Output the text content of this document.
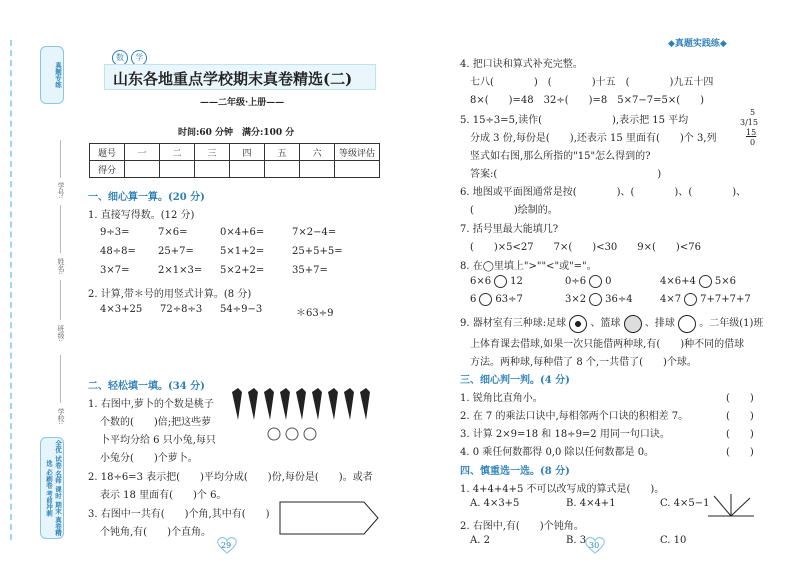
真题专练
全优 试卷 名师 课时 期末 真卷精选 必刷卷 考前冲刺
学号:
姓名:
班级:
学校:
数 学
山东各地重点学校期末真卷精选(二)
——二年级·上册——
时间:60 分钟　满分:100 分
题号	一	二	三	四	五	六	等级评估
得分							
一、细心算一算。(20 分)
1. 直接写得数。(12 分)
9÷3=	7×6=	0×4+6=	7×2−4=
48÷8= 25+7=	5×1+2=	25+5+5=
3×7=	2×1×3= 5×2+2=	35+7=
2. 计算,带＊号的用竖式计算。(8 分)
4×3+25 72÷8÷3 54÷9−3	＊63÷9
二、轻松填一填。(34 分)
1. 右图中,萝卜的个数是桃子
个数的(　　)倍;把这些萝
卜平均分给 6 只小兔,每只
小兔分(　　)个萝卜。
2. 18÷6=3 表示把(　　)平均分成(　　)份,每份是(　　)。或者
表示 18 里面有(　　)个 6。
3. 右图中一共有(　　)个角,其中有(　　)
个钝角,有(　　)个直角。
29
◆真题实践练◆
4. 把口诀和算式补充完整。
七八(　　　　)　(　　　　)十五　(　　　　)九五十四
8×(　　)=48　32÷(　　)=8　5×7−7=5×(　　)
5. 15÷3=5,读作(　　　　　　　),表示把 15 平均
分成 3 份,每份是(　　),还表示 15 里面有(　　)个 3,列
竖式如右图,那么所指的"15"怎么得到的?
答案:(　　　　　　　　　　　　　　　　)
5
3/15
15
0
6. 地图或平面图通常是按(　　　　)、(　　　　)、(　　　　)、
(　　　　)绘制的。
7. 括号里最大能填几?
(　　)×5<27　　7×(　　)<30　　9×(　　)<76
8. 在◯里填上">""<"或"="。
6×6 12	0÷6 0	4×6+4 5×6
6 63÷7	3×2 36÷4	4×7 7+7+7+7
9. 器材室有三种球:足球 、篮球 、排球 。二年级(1)班
上体育课去借球,如果一次只能借两种球,有(　　)种不同的借球
方法。两种球,每种借了 8 个,一共借了(　　)个球。
三、细心判一判。(4 分)
1. 锐角比直角小。	(　　)
2. 在 7 的乘法口诀中,每相邻两个口诀的积相差 7。	(　　)
3. 计算 2×9=18 和 18÷9=2 用同一句口诀。	(　　)
4. 0 乘任何数都得 0,0 除以任何数都是 0。	(　　)
四、慎重选一选。(8 分)
1. 4+4+4+5 不可以改写成的算式是(　　)。
A. 4×3+5	B. 4×4+1	C. 4×5−1
2. 右图中,有(　　)个钝角。
A. 2	B. 3	C. 10
30
